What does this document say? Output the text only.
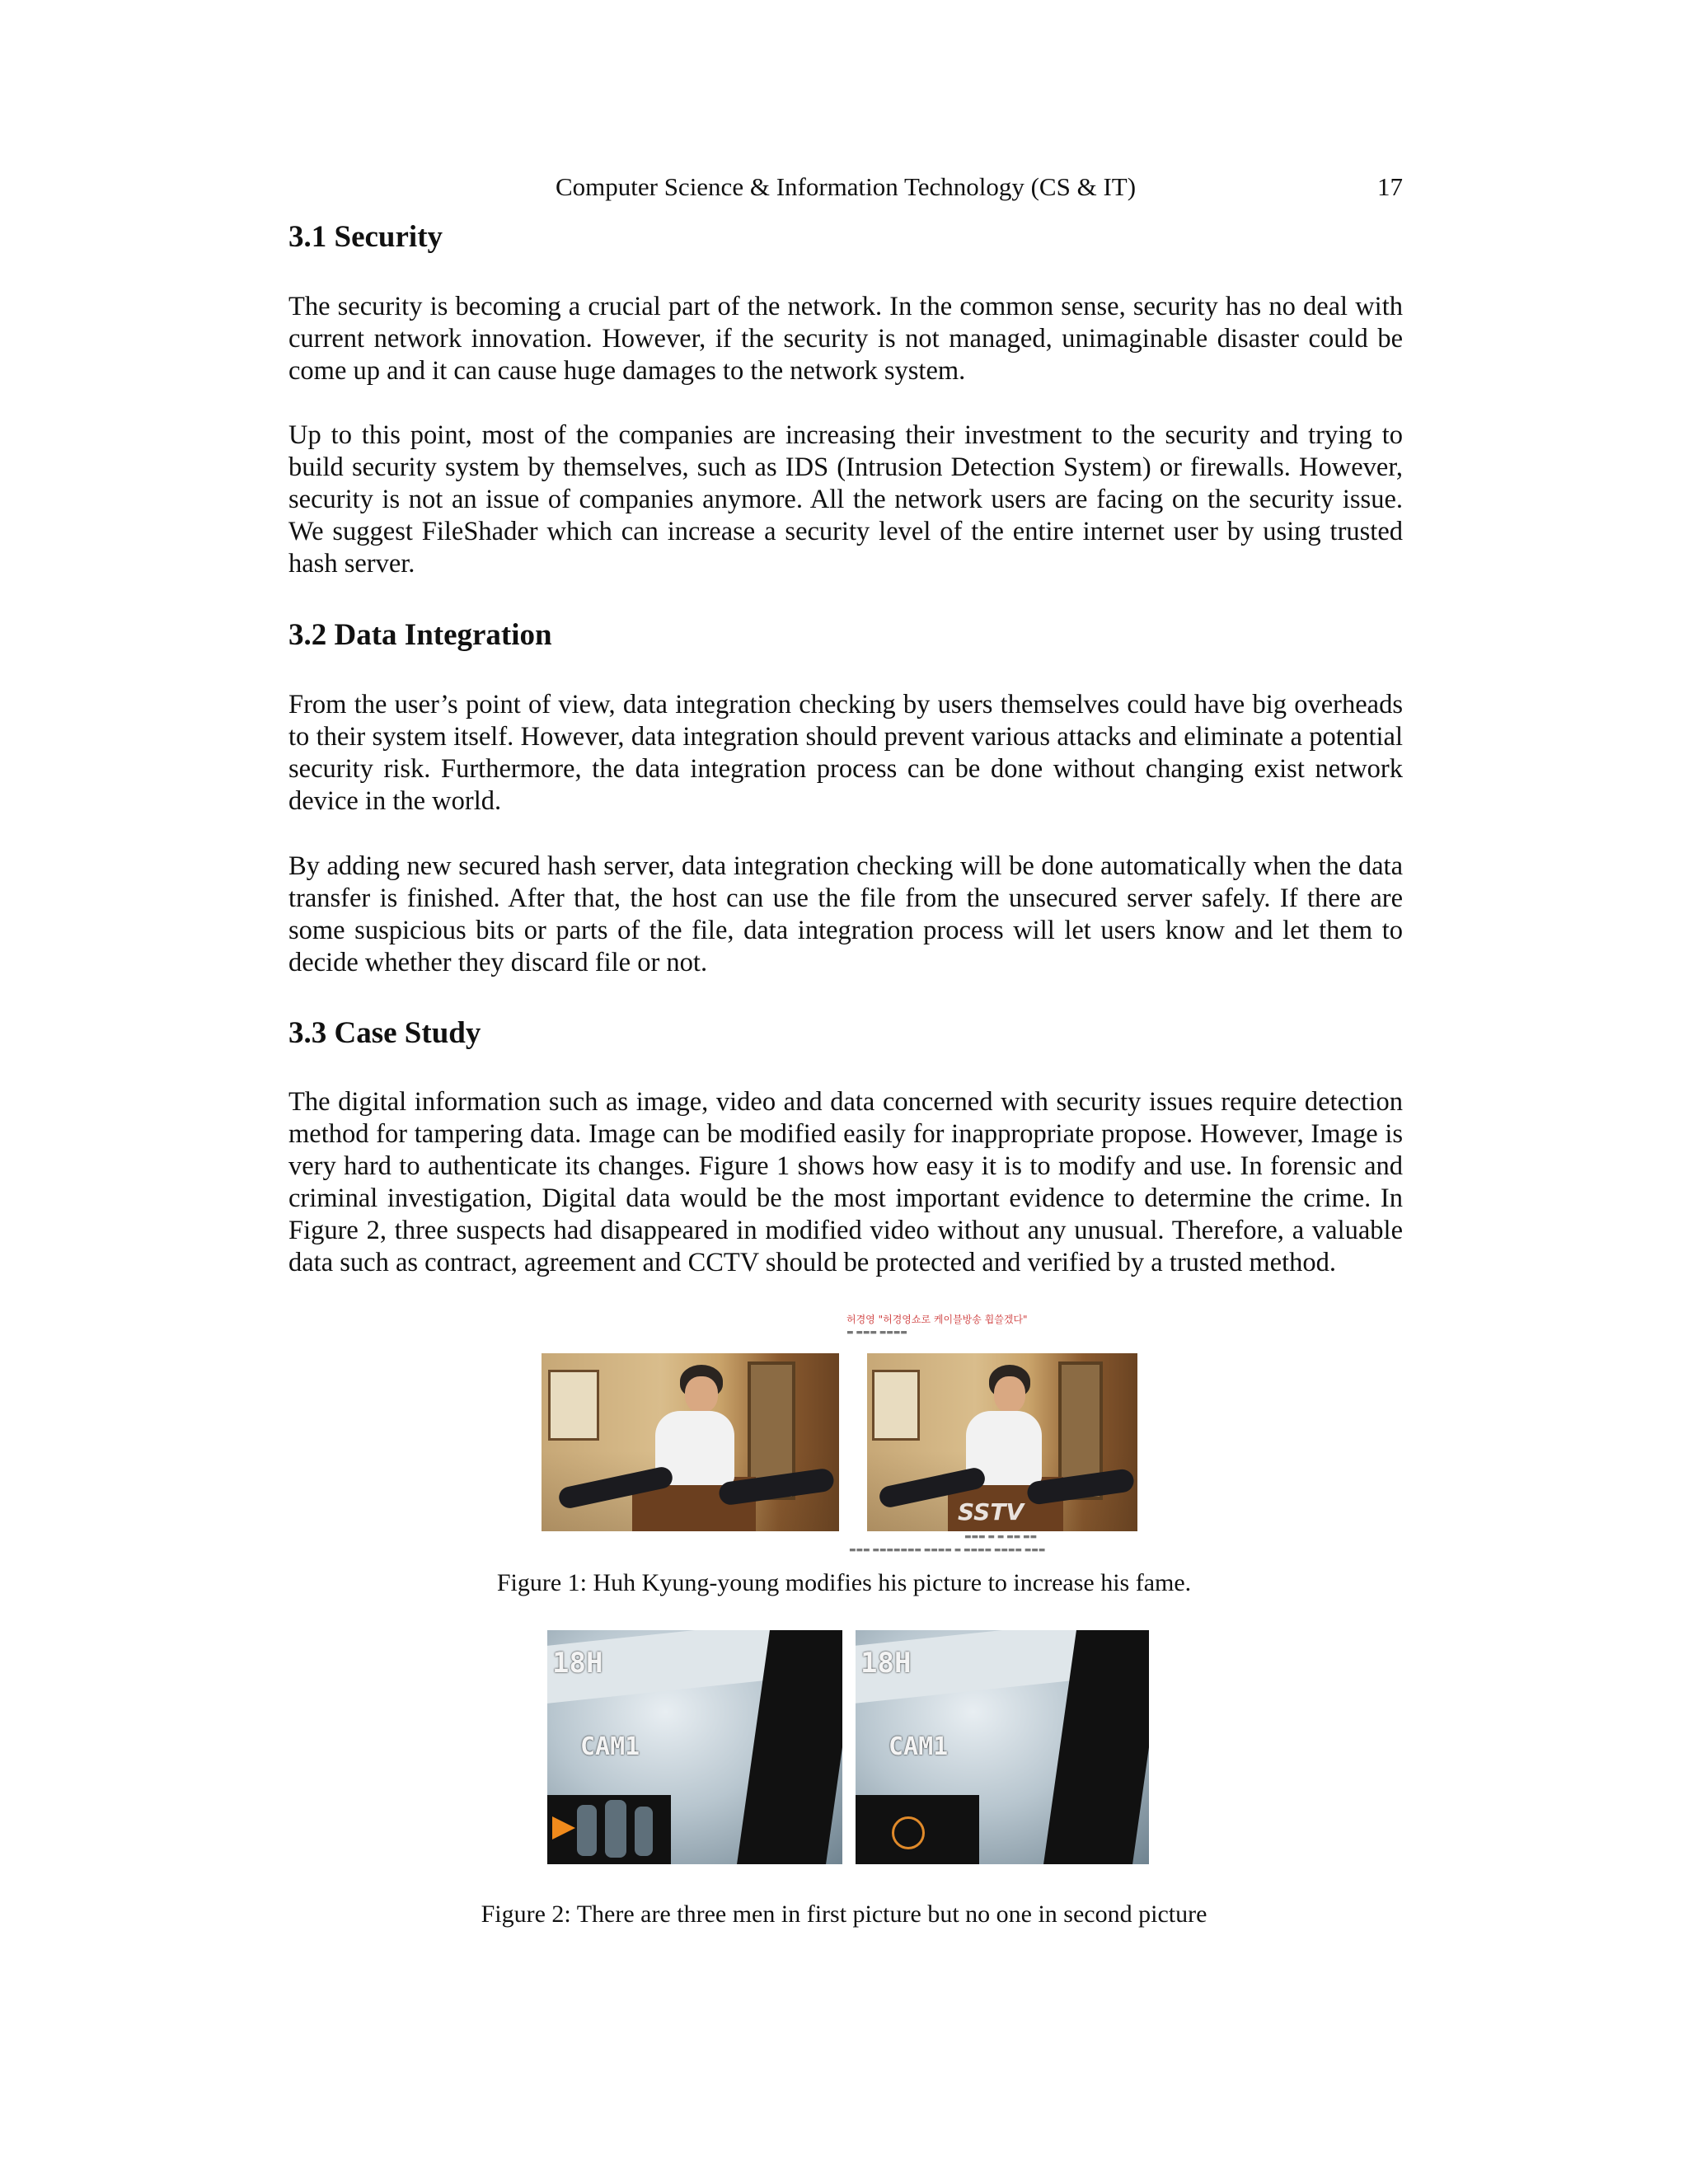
Computer Science & Information Technology (CS & IT)	17
3.1 Security

The security is becoming a crucial part of the network. In the common sense, security has no deal with current network innovation. However, if the security is not managed, unimaginable disaster could be come up and it can cause huge damages to the network system.

Up to this point, most of the companies are increasing their investment to the security and trying to build security system by themselves, such as IDS (Intrusion Detection System) or firewalls. However, security is not an issue of companies anymore. All the network users are facing on the security issue. We suggest FileShader which can increase a security level of the entire internet user by using trusted hash server.

3.2 Data Integration

From the user’s point of view, data integration checking by users themselves could have big overheads to their system itself. However, data integration should prevent various attacks and eliminate a potential security risk. Furthermore, the data integration process can be done without changing exist network device in the world.

By adding new secured hash server, data integration checking will be done automatically when the data transfer is finished. After that, the host can use the file from the unsecured server safely. If there are some suspicious bits or parts of the file, data integration process will let users know and let them to decide whether they discard file or not.

3.3 Case Study

The digital information such as image, video and data concerned with security issues require detection method for tampering data. Image can be modified easily for inappropriate propose. However, Image is very hard to authenticate its changes. Figure 1 shows how easy it is to modify and use. In forensic and criminal investigation, Digital data would be the most important evidence to determine the crime. In Figure 2, three suspects had disappeared in modified video without any unusual. Therefore, a valuable data such as contract, agreement and CCTV should be protected and verified by a trusted method.

허경영 "허경영쇼로 케이블방송 휩쓸겠다"
▬ ▬▬▬ ▬▬▬▬
SSTV
▬▬▬ ▬ ▬ ▬▬ ▬▬
▬▬▬ ▬▬▬▬▬▬▬ ▬▬▬▬ ▬ ▬▬▬▬ ▬▬▬▬ ▬▬▬
Figure 1: Huh Kyung-young modifies his picture to increase his fame.
18H
CAM1
18H
CAM1
Figure 2: There are three men in first picture but no one in second picture
